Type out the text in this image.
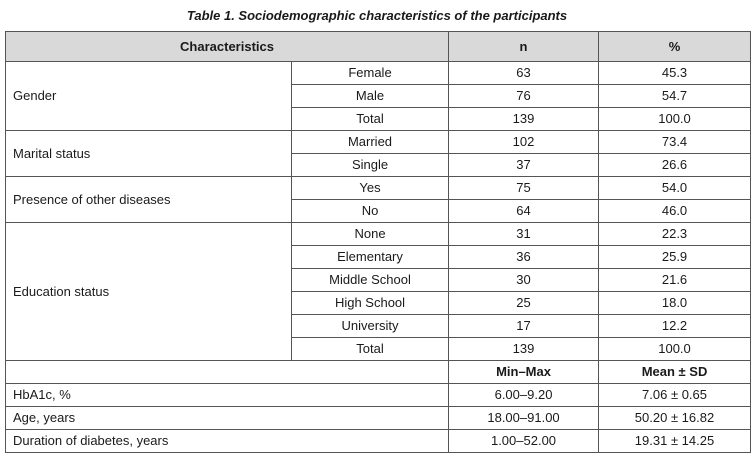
Table 1. Sociodemographic characteristics of the participants
Characteristics		n	%
Gender	Female	63	45.3
	Male	76	54.7
	Total	139	100.0
Marital status	Married	102	73.4
	Single	37	26.6
Presence of other diseases	Yes	75	54.0
	No	64	46.0
Education status	None	31	22.3
	Elementary	36	25.9
	Middle School	30	21.6
	High School	25	18.0
	University	17	12.2
	Total	139	100.0
		Min–Max	Mean ± SD
HbA1c, %		6.00–9.20	7.06 ± 0.65
Age, years		18.00–91.00	50.20 ± 16.82
Duration of diabetes, years		1.00–52.00	19.31 ± 14.25
